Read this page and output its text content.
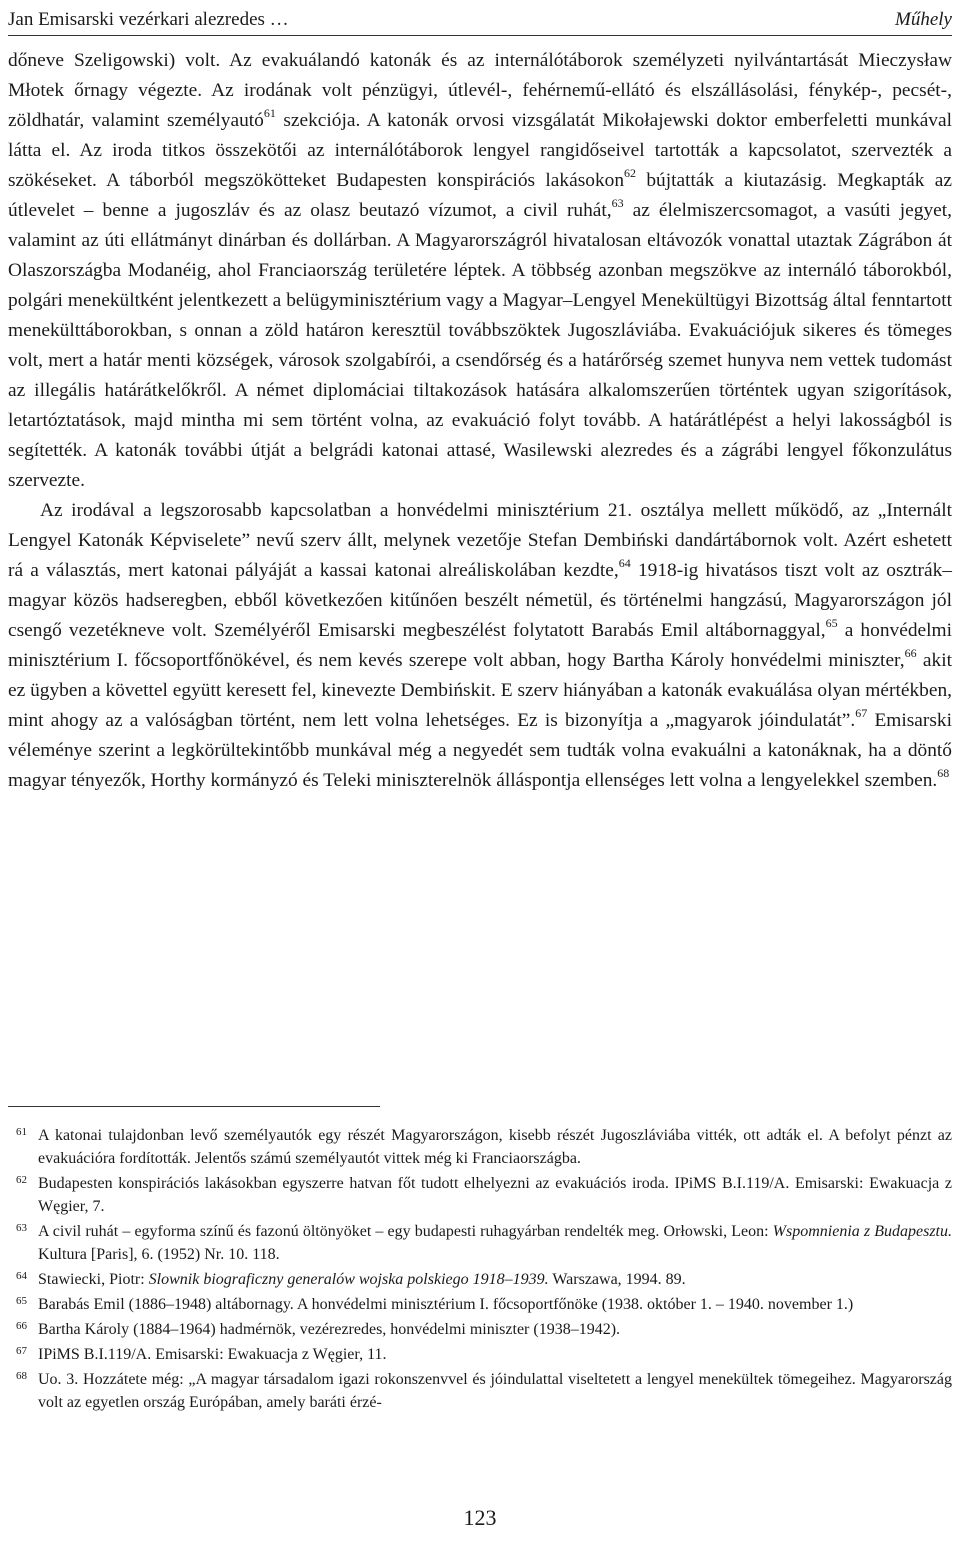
Jan Emisarski vezérkari alezredes …	Műhely

dőneve Szeligowski) volt. Az evakuálandó katonák és az internálótáborok személyzeti nyilvántartását Mieczysław Młotek őrnagy végezte. Az irodának volt pénzügyi, útlevél-, fehérnemű-ellátó és elszállásolási, fénykép-, pecsét-, zöldhatár, valamint személyautó$^{61}$ szekciója. A katonák orvosi vizsgálatát Mikołajewski doktor emberfeletti munkával látta el. Az iroda titkos összekötői az internálótáborok lengyel rangidőseivel tartották a kapcsolatot, szervezték a szökéseket. A táborból megszökötteket Budapesten konspirációs lakásokon$^{62}$ bújtatták a kiutazásig. Megkapták az útlevelet – benne a jugoszláv és az olasz beutazó vízumot, a civil ruhát,$^{63}$ az élelmiszercsomagot, a vasúti jegyet, valamint az úti ellátmányt dinárban és dollárban. A Magyarországról hivatalosan eltávozók vonattal utaztak Zágrábon át Olaszországba Modanéig, ahol Franciaország területére léptek. A többség azonban megszökve az internáló táborokból, polgári menekültként jelentkezett a belügyminisztérium vagy a Magyar–Lengyel Menekültügyi Bizottság által fenntartott menekülttáborokban, s onnan a zöld határon keresztül továbbszöktek Jugoszláviába. Evakuációjuk sikeres és tömeges volt, mert a határ menti községek, városok szolgabírói, a csendőrség és a határőrség szemet hunyva nem vettek tudomást az illegális határátkelőkről. A német diplomáciai tiltakozások hatására alkalomszerűen történtek ugyan szigorítások, letartóztatások, majd mintha mi sem történt volna, az evakuáció folyt tovább. A határátlépést a helyi lakosságból is segítették. A katonák további útját a belgrádi katonai attasé, Wasilewski alezredes és a zágrábi lengyel főkonzulátus szervezte.

Az irodával a legszorosabb kapcsolatban a honvédelmi minisztérium 21. osztálya mellett működő, az „Internált Lengyel Katonák Képviselete” nevű szerv állt, melynek vezetője Stefan Dembiński dandártábornok volt. Azért eshetett rá a választás, mert katonai pályáját a kassai katonai alreáliskolában kezdte,$^{64}$ 1918-ig hivatásos tiszt volt az osztrák–magyar közös hadseregben, ebből következően kitűnően beszélt németül, és történelmi hangzású, Magyarországon jól csengő vezetékneve volt. Személyéről Emisarski megbeszélést folytatott Barabás Emil altábornaggyal,$^{65}$ a honvédelmi minisztérium I. főcsoportfőnökével, és nem kevés szerepe volt abban, hogy Bartha Károly honvédelmi miniszter,$^{66}$ akit ez ügyben a követtel együtt keresett fel, kinevezte Dembińskit. E szerv hiányában a katonák evakuálása olyan mértékben, mint ahogy az a valóságban történt, nem lett volna lehetséges. Ez is bizonyítja a „magyarok jóindulatát”.$^{67}$ Emisarski véleménye szerint a legkörültekintőbb munkával még a negyedét sem tudták volna evakuálni a katonáknak, ha a döntő magyar tényezők, Horthy kormányzó és Teleki miniszterelnök álláspontja ellenséges lett volna a lengyelekkel szemben.$^{68}$

61 A katonai tulajdonban levő személyautók egy részét Magyarországon, kisebb részét Jugoszláviába vitték, ott adták el. A befolyt pénzt az evakuációra fordították. Jelentős számú személyautót vittek még ki Franciaországba.
62 Budapesten konspirációs lakásokban egyszerre hatvan főt tudott elhelyezni az evakuációs iroda. IPiMS B.I.119/A. Emisarski: Ewakuacja z Węgier, 7.
63 A civil ruhát – egyforma színű és fazonú öltönyöket – egy budapesti ruhagyárban rendelték meg. Orłowski, Leon: Wspomnienia z Budapesztu. Kultura [Paris], 6. (1952) Nr. 10. 118.
64 Stawiecki, Piotr: Slownik biograficzny generalów wojska polskiego 1918–1939. Warszawa, 1994. 89.
65 Barabás Emil (1886–1948) altábornagy. A honvédelmi minisztérium I. főcsoportfőnöke (1938. október 1. – 1940. november 1.)
66 Bartha Károly (1884–1964) hadmérnök, vezérezredes, honvédelmi miniszter (1938–1942).
67 IPiMS B.I.119/A. Emisarski: Ewakuacja z Węgier, 11.
68 Uo. 3. Hozzátete még: „A magyar társadalom igazi rokonszenvvel és jóindulattal viseltetett a lengyel menekültek tömegeihez. Magyarország volt az egyetlen ország Európában, amely baráti érzé-
123
